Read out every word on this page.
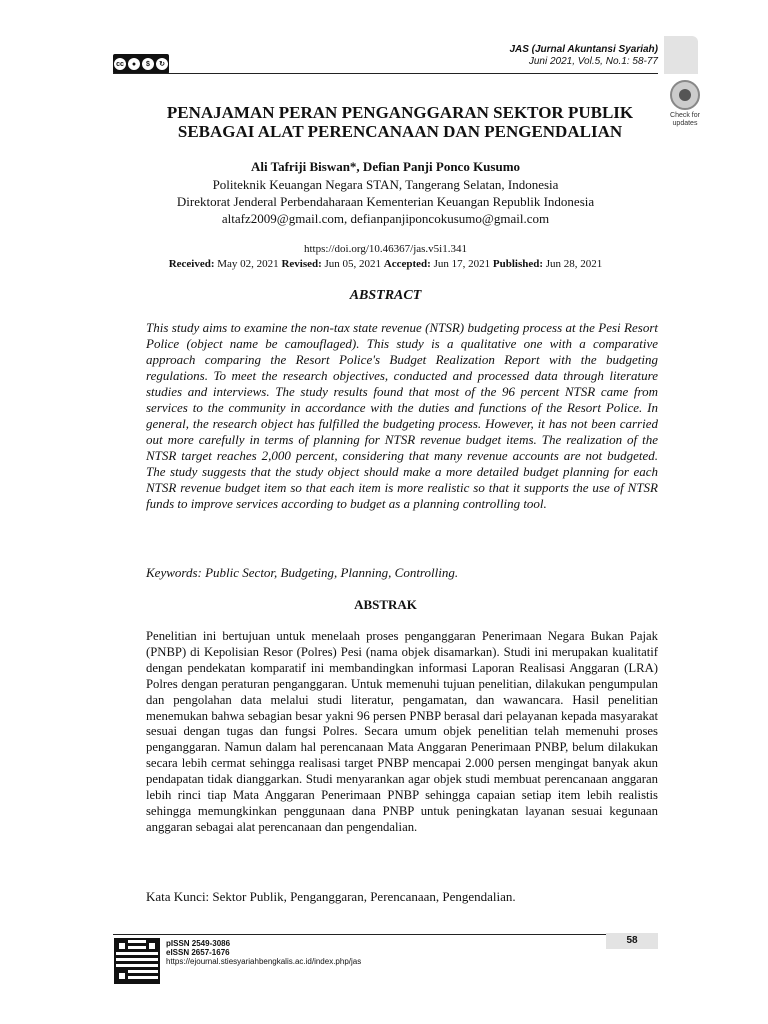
cc	●	$	↻
JAS (Jurnal Akuntansi Syariah)
Juni 2021, Vol.5, No.1: 58-77
Check for updates
PENAJAMAN PERAN PENGANGGARAN SEKTOR PUBLIK
SEBAGAI ALAT PERENCANAAN DAN PENGENDALIAN
Ali Tafriji Biswan*, Defian Panji Ponco Kusumo
Politeknik Keuangan Negara STAN, Tangerang Selatan, Indonesia
Direktorat Jenderal Perbendaharaan Kementerian Keuangan Republik Indonesia
altafz2009@gmail.com, defianpanjiponcokusumo@gmail.com
https://doi.org/10.46367/jas.v5i1.341
Received: May 02, 2021 Revised: Jun 05, 2021 Accepted: Jun 17, 2021 Published: Jun 28, 2021
ABSTRACT
This study aims to examine the non-tax state revenue (NTSR) budgeting process at the Pesi Resort Police (object name be camouflaged). This study is a qualitative one with a comparative approach comparing the Resort Police's Budget Realization Report with the budgeting regulations. To meet the research objectives, conducted and processed data through literature studies and interviews. The study results found that most of the 96 percent NTSR came from services to the community in accordance with the duties and functions of the Resort Police. In general, the research object has fulfilled the budgeting process. However, it has not been carried out more carefully in terms of planning for NTSR revenue budget items. The realization of the NTSR target reaches 2,000 percent, considering that many revenue accounts are not budgeted. The study suggests that the study object should make a more detailed budget planning for each NTSR revenue budget item so that each item is more realistic so that it supports the use of NTSR funds to improve services according to budget as a planning controlling tool.
Keywords: Public Sector, Budgeting, Planning, Controlling.
ABSTRAK
Penelitian ini bertujuan untuk menelaah proses penganggaran Penerimaan Negara Bukan Pajak (PNBP) di Kepolisian Resor (Polres) Pesi (nama objek disamarkan). Studi ini merupakan kualitatif dengan pendekatan komparatif ini membandingkan informasi Laporan Realisasi Anggaran (LRA) Polres dengan peraturan penganggaran. Untuk memenuhi tujuan penelitian, dilakukan pengumpulan dan pengolahan data melalui studi literatur, pengamatan, dan wawancara. Hasil penelitian menemukan bahwa sebagian besar yakni 96 persen PNBP berasal dari pelayanan kepada masyarakat sesuai dengan tugas dan fungsi Polres. Secara umum objek penelitian telah memenuhi proses penganggaran. Namun dalam hal perencanaan Mata Anggaran Penerimaan PNBP, belum dilakukan secara lebih cermat sehingga realisasi target PNBP mencapai 2.000 persen mengingat banyak akun pendapatan tidak dianggarkan. Studi menyarankan agar objek studi membuat perencanaan anggaran lebih rinci tiap Mata Anggaran Penerimaan PNBP sehingga capaian setiap item lebih realistis sehingga memungkinkan penggunaan dana PNBP untuk peningkatan layanan sesuai kegunaan anggaran sebagai alat perencanaan dan pengendalian.
Kata Kunci: Sektor Publik, Penganggaran, Perencanaan, Pengendalian.
pISSN 2549-3086
eISSN 2657-1676
https://ejournal.stiesyariahbengkalis.ac.id/index.php/jas
58
